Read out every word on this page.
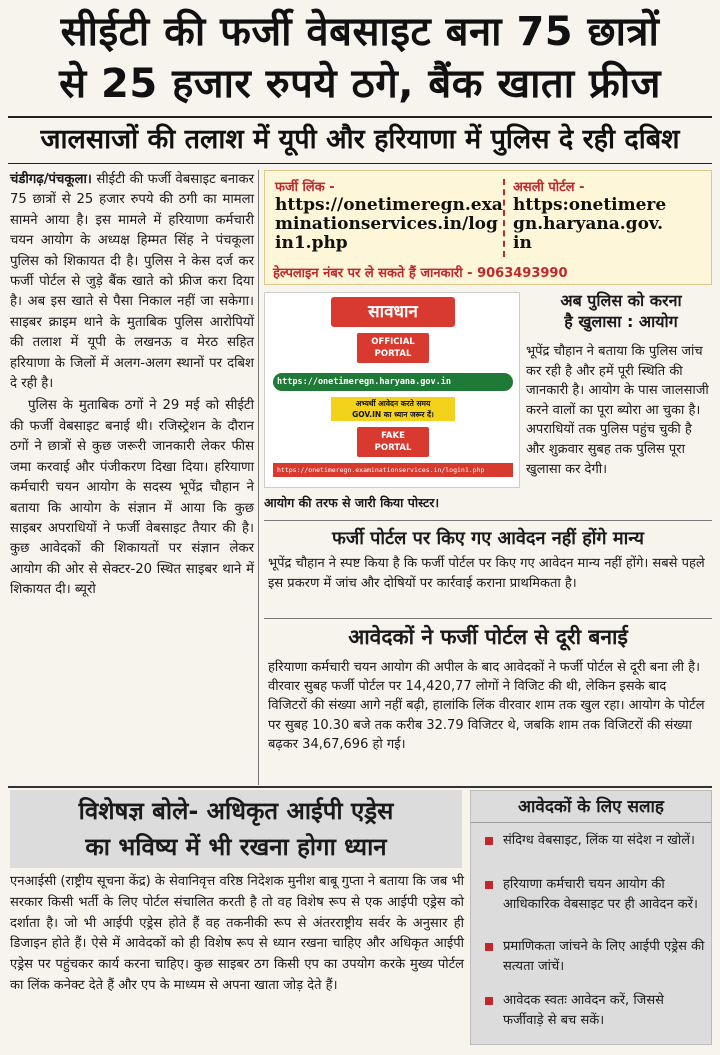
सीईटी की फर्जी वेबसाइट बना 75 छात्रों
से 25 हजार रुपये ठगे, बैंक खाता फ्रीज
जालसाजों की तलाश में यूपी और हरियाणा में पुलिस दे रही दबिश

चंडीगढ़/पंचकूला। सीईटी की फर्जी वेबसाइट बनाकर 75 छात्रों से 25 हजार रुपये की ठगी का मामला सामने आया है। इस मामले में हरियाणा कर्मचारी चयन आयोग के अध्यक्ष हिम्मत सिंह ने पंचकूला पुलिस को शिकायत दी है। पुलिस ने केस दर्ज कर फर्जी पोर्टल से जुड़े बैंक खाते को फ्रीज करा दिया है। अब इस खाते से पैसा निकाल नहीं जा सकेगा। साइबर क्राइम थाने के मुताबिक पुलिस आरोपियों की तलाश में यूपी के लखनऊ व मेरठ सहित हरियाणा के जिलों में अलग-अलग स्थानों पर दबिश दे रही है।

पुलिस के मुताबिक ठगों ने 29 मई को सीईटी की फर्जी वेबसाइट बनाई थी। रजिस्ट्रेशन के दौरान ठगों ने छात्रों से कुछ जरूरी जानकारी लेकर फीस जमा करवाई और पंजीकरण दिखा दिया। हरियाणा कर्मचारी चयन आयोग के सदस्य भूपेंद्र चौहान ने बताया कि आयोग के संज्ञान में आया कि कुछ साइबर अपराधियों ने फर्जी वेबसाइट तैयार की है। कुछ आवेदकों की शिकायतों पर संज्ञान लेकर आयोग की ओर से सेक्टर-20 स्थित साइबर थाने में शिकायत दी। ब्यूरो

फर्जी लिंक -
https://onetimeregn.exa
minationservices.in/log
in1.php
असली पोर्टल -
https:onetimere
gn.haryana.gov.
in
हेल्पलाइन नंबर पर ले सकते हैं जानकारी - 9063493990
सावधान
OFFICIAL
PORTAL
https://onetimeregn.haryana.gov.in
अभ्यर्थी आवेदन करते समय
GOV.IN का ध्यान जरूर दें।
FAKE
PORTAL
https://onetimeregn.examinationservices.in/login1.php
आयोग की तरफ से जारी किया पोस्टर।
अब पुलिस को करना
है खुलासा : आयोग
भूपेंद्र चौहान ने बताया कि पुलिस जांच कर रही है और हमें पूरी स्थिति की जानकारी है। आयोग के पास जालसाजी करने वालों का पूरा ब्योरा आ चुका है। अपराधियों तक पुलिस पहुंच चुकी है और शुक्रवार सुबह तक पुलिस पूरा खुलासा कर देगी।
फर्जी पोर्टल पर किए गए आवेदन नहीं होंगे मान्य
भूपेंद्र चौहान ने स्पष्ट किया है कि फर्जी पोर्टल पर किए गए आवेदन मान्य नहीं होंगे। सबसे पहले इस प्रकरण में जांच और दोषियों पर कार्रवाई कराना प्राथमिकता है।
आवेदकों ने फर्जी पोर्टल से दूरी बनाई
हरियाणा कर्मचारी चयन आयोग की अपील के बाद आवेदकों ने फर्जी पोर्टल से दूरी बना ली है। वीरवार सुबह फर्जी पोर्टल पर 14,420,77 लोगों ने विजिट की थी, लेकिन इसके बाद विजिटरों की संख्या आगे नहीं बढ़ी, हालांकि लिंक वीरवार शाम तक खुल रहा। आयोग के पोर्टल पर सुबह 10.30 बजे तक करीब 32.79 विजिटर थे, जबकि शाम तक विजिटरों की संख्या बढ़कर 34,67,696 हो गई।
विशेषज्ञ बोले- अधिकृत आईपी एड्रेस
का भविष्य में भी रखना होगा ध्यान
एनआईसी (राष्ट्रीय सूचना केंद्र) के सेवानिवृत्त वरिष्ठ निदेशक मुनीश बाबू गुप्ता ने बताया कि जब भी सरकार किसी भर्ती के लिए पोर्टल संचालित करती है तो वह विशेष रूप से एक आईपी एड्रेस को दर्शाता है। जो भी आईपी एड्रेस होते हैं वह तकनीकी रूप से अंतरराष्ट्रीय सर्वर के अनुसार ही डिजाइन होते हैं। ऐसे में आवेदकों को ही विशेष रूप से ध्यान रखना चाहिए और अधिकृत आईपी एड्रेस पर पहुंचकर कार्य करना चाहिए। कुछ साइबर ठग किसी एप का उपयोग करके मुख्य पोर्टल का लिंक कनेक्ट देते हैं और एप के माध्यम से अपना खाता जोड़ देते हैं।
आवेदकों के लिए सलाह
संदिग्ध वेबसाइट, लिंक या संदेश न खोलें।
हरियाणा कर्मचारी चयन आयोग की आधिकारिक वेबसाइट पर ही आवेदन करें।
प्रमाणिकता जांचने के लिए आईपी एड्रेस की सत्यता जांचें।
आवेदक स्वतः आवेदन करें, जिससे फर्जीवाड़े से बच सकें।
